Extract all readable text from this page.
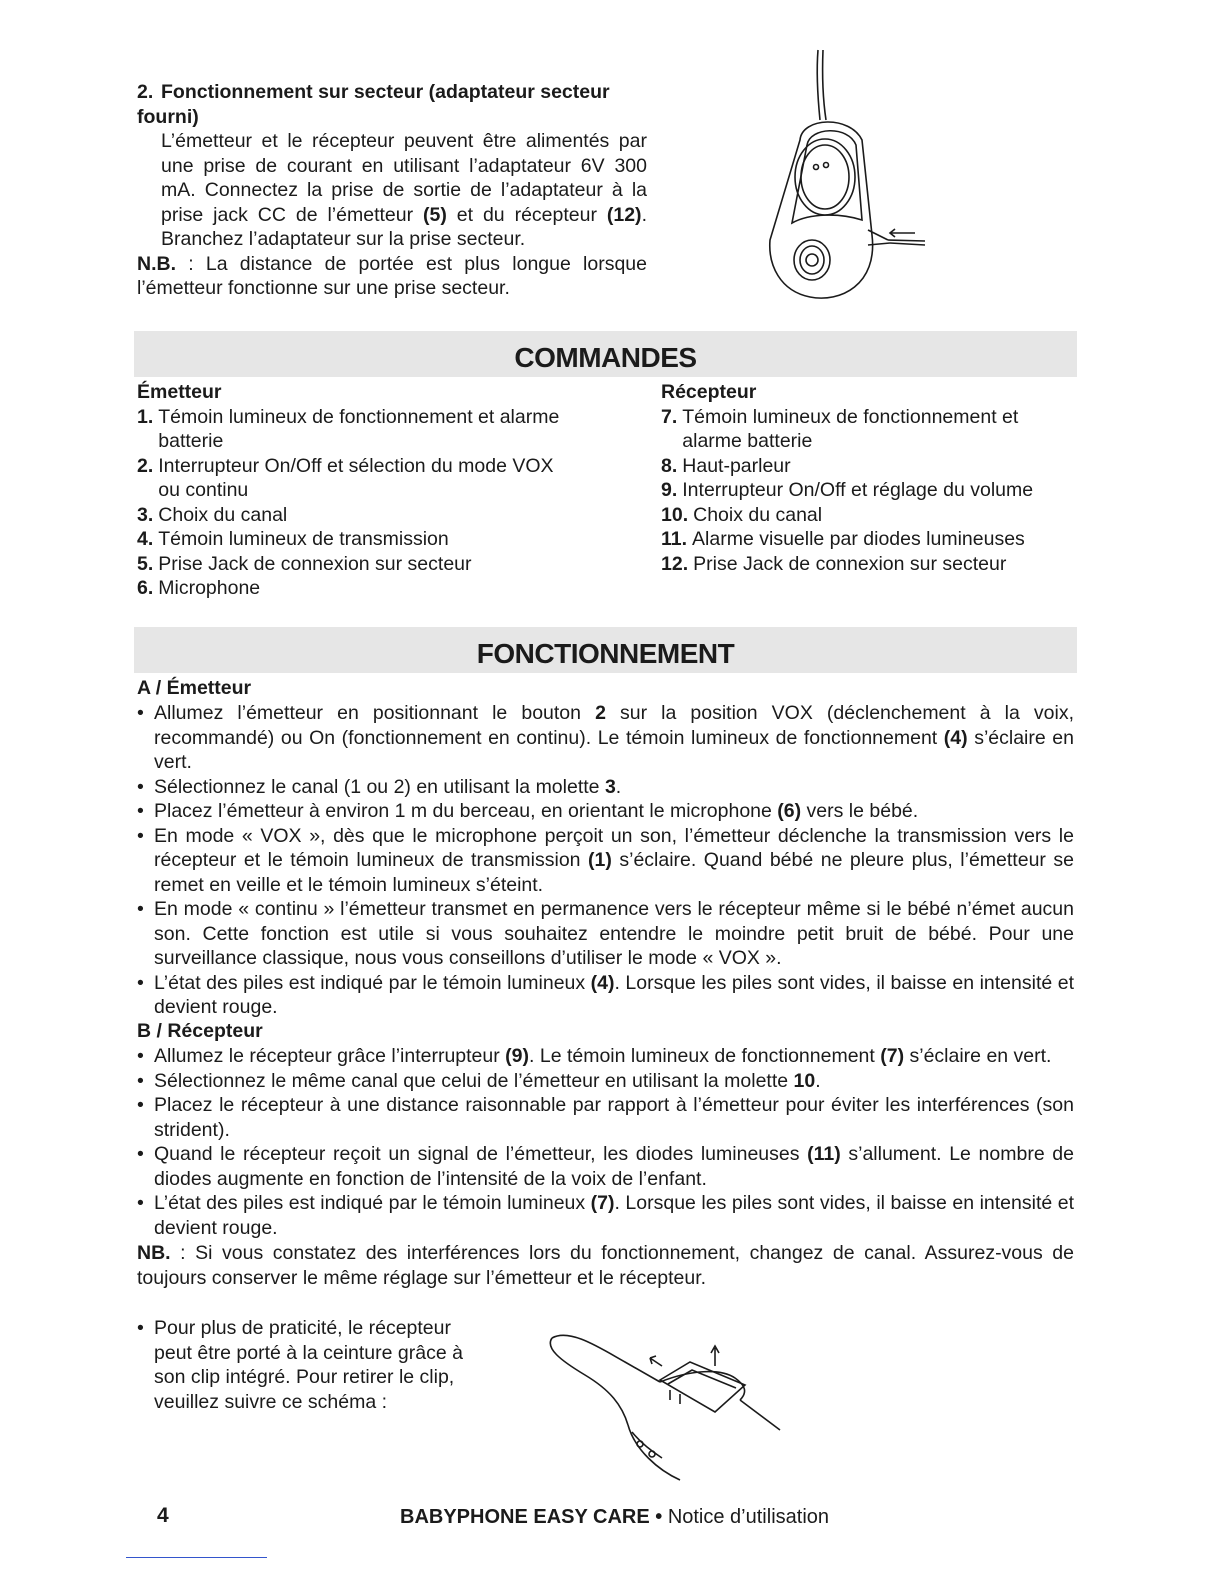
2. Fonctionnement sur secteur (adaptateur secteur fourni)
L’émetteur et le récepteur peuvent être alimentés par une prise de courant en utilisant l’adaptateur 6V 300 mA. Connectez la prise de sortie de l’adaptateur à la prise jack CC de l’émetteur (5) et du récepteur (12). Branchez l’adaptateur sur la prise secteur.
N.B. : La distance de portée est plus longue lorsque l’émetteur fonctionne sur une prise secteur.
COMMANDES
Émetteur
1. Témoin lumineux de fonctionnement et alarme batterie
2. Interrupteur On/Off et sélection du mode VOX ou continu
3. Choix du canal
4. Témoin lumineux de transmission
5. Prise Jack de connexion sur secteur
6. Microphone
Récepteur
7. Témoin lumineux de fonctionnement et alarme batterie
8. Haut-parleur
9. Interrupteur On/Off et réglage du volume
10. Choix du canal
11. Alarme visuelle par diodes lumineuses
12. Prise Jack de connexion sur secteur
FONCTIONNEMENT
A / Émetteur
• Allumez l’émetteur en positionnant le bouton 2 sur la position VOX (déclenchement à la voix, recommandé) ou On (fonctionnement en continu). Le témoin lumineux de fonctionnement (4) s’éclaire en vert.
• Sélectionnez le canal (1 ou 2) en utilisant la molette 3.
• Placez l’émetteur à environ 1 m du berceau, en orientant le microphone (6) vers le bébé.
• En mode « VOX », dès que le microphone perçoit un son, l’émetteur déclenche la transmission vers le récepteur et le témoin lumineux de transmission (1) s’éclaire. Quand bébé ne pleure plus, l’émetteur se remet en veille et le témoin lumineux s’éteint.
• En mode « continu » l’émetteur transmet en permanence vers le récepteur même si le bébé n’émet aucun son. Cette fonction est utile si vous souhaitez entendre le moindre petit bruit de bébé. Pour une surveillance classique, nous vous conseillons d’utiliser le mode « VOX ».
• L’état des piles est indiqué par le témoin lumineux (4). Lorsque les piles sont vides, il baisse en intensité et devient rouge.
B / Récepteur
• Allumez le récepteur grâce l’interrupteur (9). Le témoin lumineux de fonctionnement (7) s’éclaire en vert.
• Sélectionnez le même canal que celui de l’émetteur en utilisant la molette 10.
• Placez le récepteur à une distance raisonnable par rapport à l’émetteur pour éviter les interférences (son strident).
• Quand le récepteur reçoit un signal de l’émetteur, les diodes lumineuses (11) s’allument. Le nombre de diodes augmente en fonction de l’intensité de la voix de l’enfant.
• L’état des piles est indiqué par le témoin lumineux (7). Lorsque les piles sont vides, il baisse en intensité et devient rouge.
NB. : Si vous constatez des interférences lors du fonctionnement, changez de canal. Assurez-vous de toujours conserver le même réglage sur l’émetteur et le récepteur.
• Pour plus de praticité, le récepteur peut être porté à la ceinture grâce à son clip intégré. Pour retirer le clip, veuillez suivre ce schéma :
4	BABYPHONE EASY CARE • Notice d’utilisation
